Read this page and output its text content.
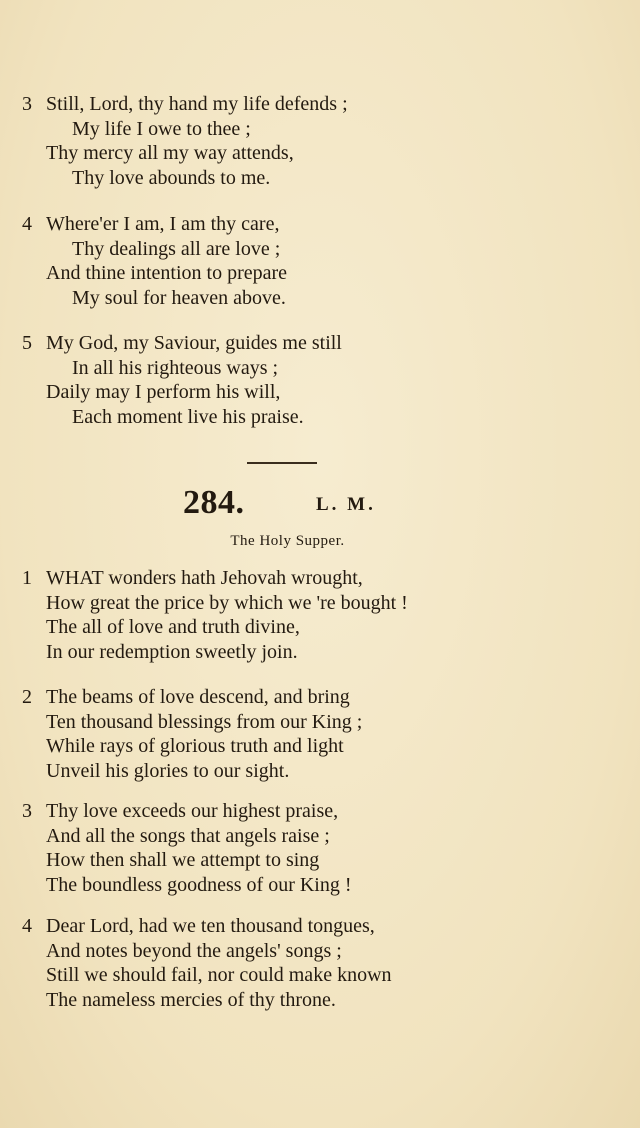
3 Still, Lord, thy hand my life defends ;
My life I owe to thee ;
Thy mercy all my way attends,
Thy love abounds to me.
4 Where'er I am, I am thy care,
Thy dealings all are love ;
And thine intention to prepare
My soul for heaven above.
5 My God, my Saviour, guides me still
In all his righteous ways ;
Daily may I perform his will,
Each moment live his praise.
284.	L. M.
The Holy Supper.
1 WHAT wonders hath Jehovah wrought,
How great the price by which we 're bought !
The all of love and truth divine,
In our redemption sweetly join.
2 The beams of love descend, and bring
Ten thousand blessings from our King ;
While rays of glorious truth and light
Unveil his glories to our sight.
3 Thy love exceeds our highest praise,
And all the songs that angels raise ;
How then shall we attempt to sing
The boundless goodness of our King !
4 Dear Lord, had we ten thousand tongues,
And notes beyond the angels' songs ;
Still we should fail, nor could make known
The nameless mercies of thy throne.
